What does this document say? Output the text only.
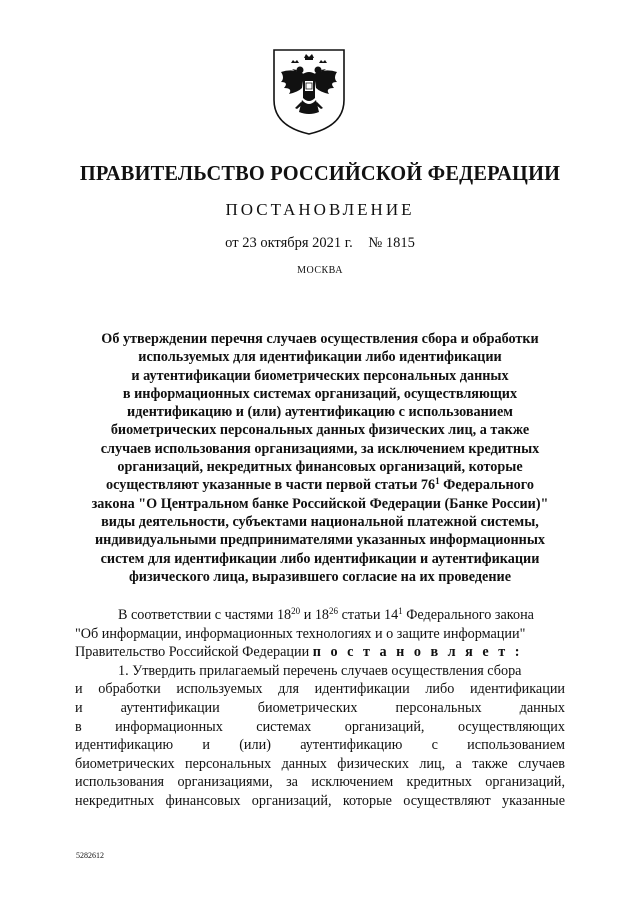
ПРАВИТЕЛЬСТВО РОССИЙСКОЙ ФЕДЕРАЦИИ
ПОСТАНОВЛЕНИЕ
от 23 октября 2021 г. № 1815
МОСКВА
Об утверждении перечня случаев осуществления сбора и обработки
используемых для идентификации либо идентификации
и аутентификации биометрических персональных данных
в информационных системах организаций, осуществляющих
идентификацию и (или) аутентификацию с использованием
биометрических персональных данных физических лиц, а также
случаев использования организациями, за исключением кредитных
организаций, некредитных финансовых организаций, которые
осуществляют указанные в части первой статьи $76^1$ Федерального
закона "О Центральном банке Российской Федерации (Банке России)"
виды деятельности, субъектами национальной платежной системы,
индивидуальными предпринимателями указанных информационных
систем для идентификации либо идентификации и аутентификации
физического лица, выразившего согласие на их проведение
В соответствии с частями $18^{20}$ и $18^{26}$ статьи $14^1$ Федерального закона
"Об информации, информационных технологиях и о защите информации"
Правительство Российской Федерации п о с т а н о в л я е т :
1. Утвердить прилагаемый перечень случаев осуществления сбора
и обработки используемых для идентификации либо идентификации
и аутентификации биометрических персональных данных
в информационных системах организаций, осуществляющих
идентификацию и (или) аутентификацию с использованием
биометрических персональных данных физических лиц, а также случаев
использования организациями, за исключением кредитных организаций,
некредитных финансовых организаций, которые осуществляют указанные
5282612
